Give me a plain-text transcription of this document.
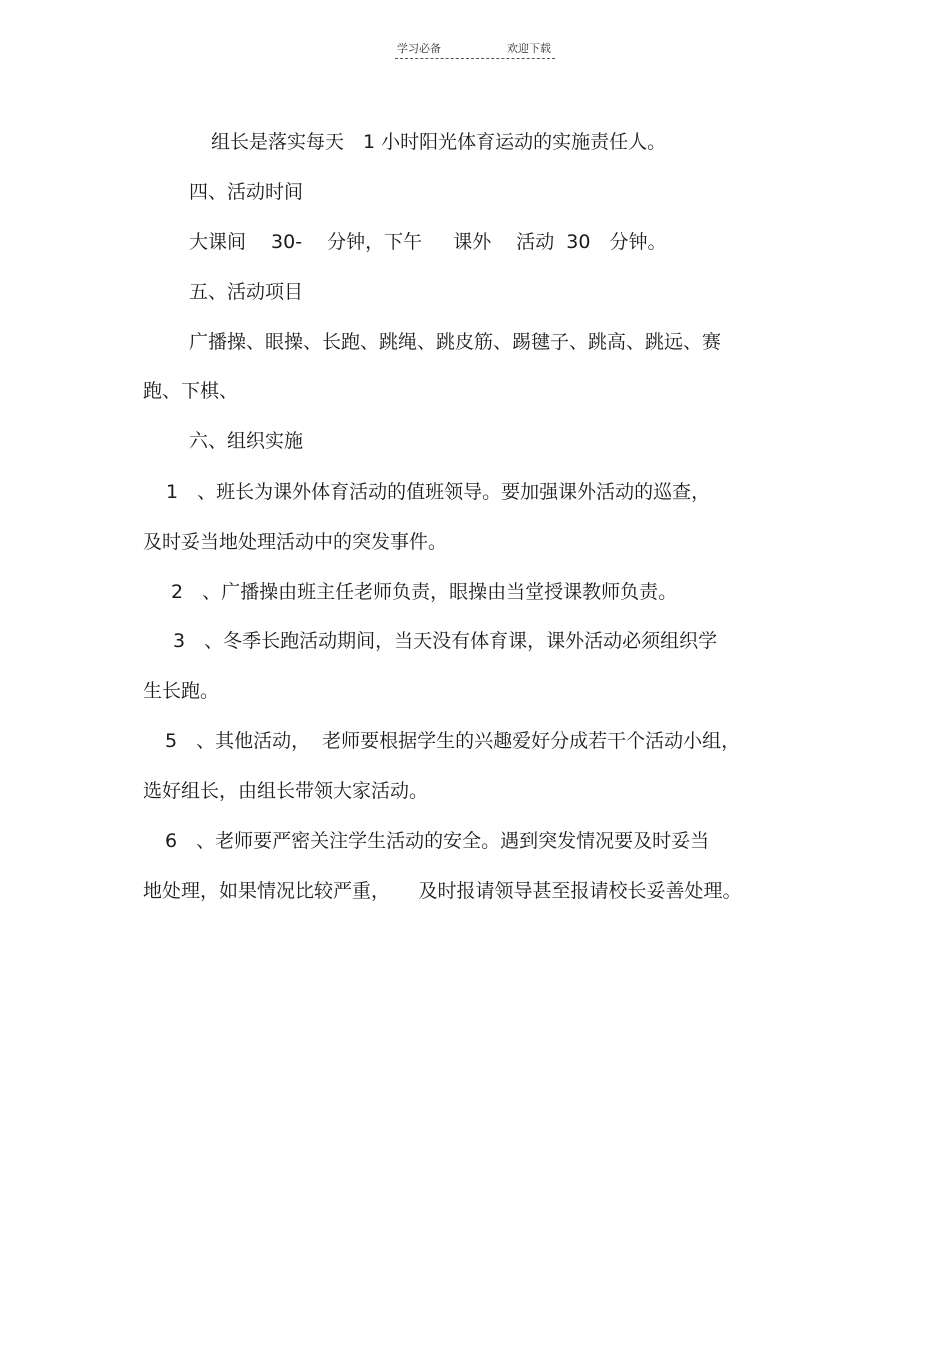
学习必备	欢迎下载
组长是落实每天　1 小时阳光体育运动的实施责任人。
四、活动时间
大课间　 30-　 分钟，下午　  课外　 活动  30　分钟。
五、活动项目
广播操、眼操、长跑、跳绳、跳皮筋、踢毽子、跳高、跳远、赛
跑、下棋、
六、组织实施
1　、班长为课外体育活动的值班领导。要加强课外活动的巡查，
及时妥当地处理活动中的突发事件。
2　、广播操由班主任老师负责，眼操由当堂授课教师负责。
3　、冬季长跑活动期间，当天没有体育课，课外活动必须组织学
生长跑。
5　、其他活动，  老师要根据学生的兴趣爱好分成若干个活动小组，
选好组长，由组长带领大家活动。
6　、老师要严密关注学生活动的安全。遇到突发情况要及时妥当
地处理，如果情况比较严重，　　及时报请领导甚至报请校长妥善处理。
